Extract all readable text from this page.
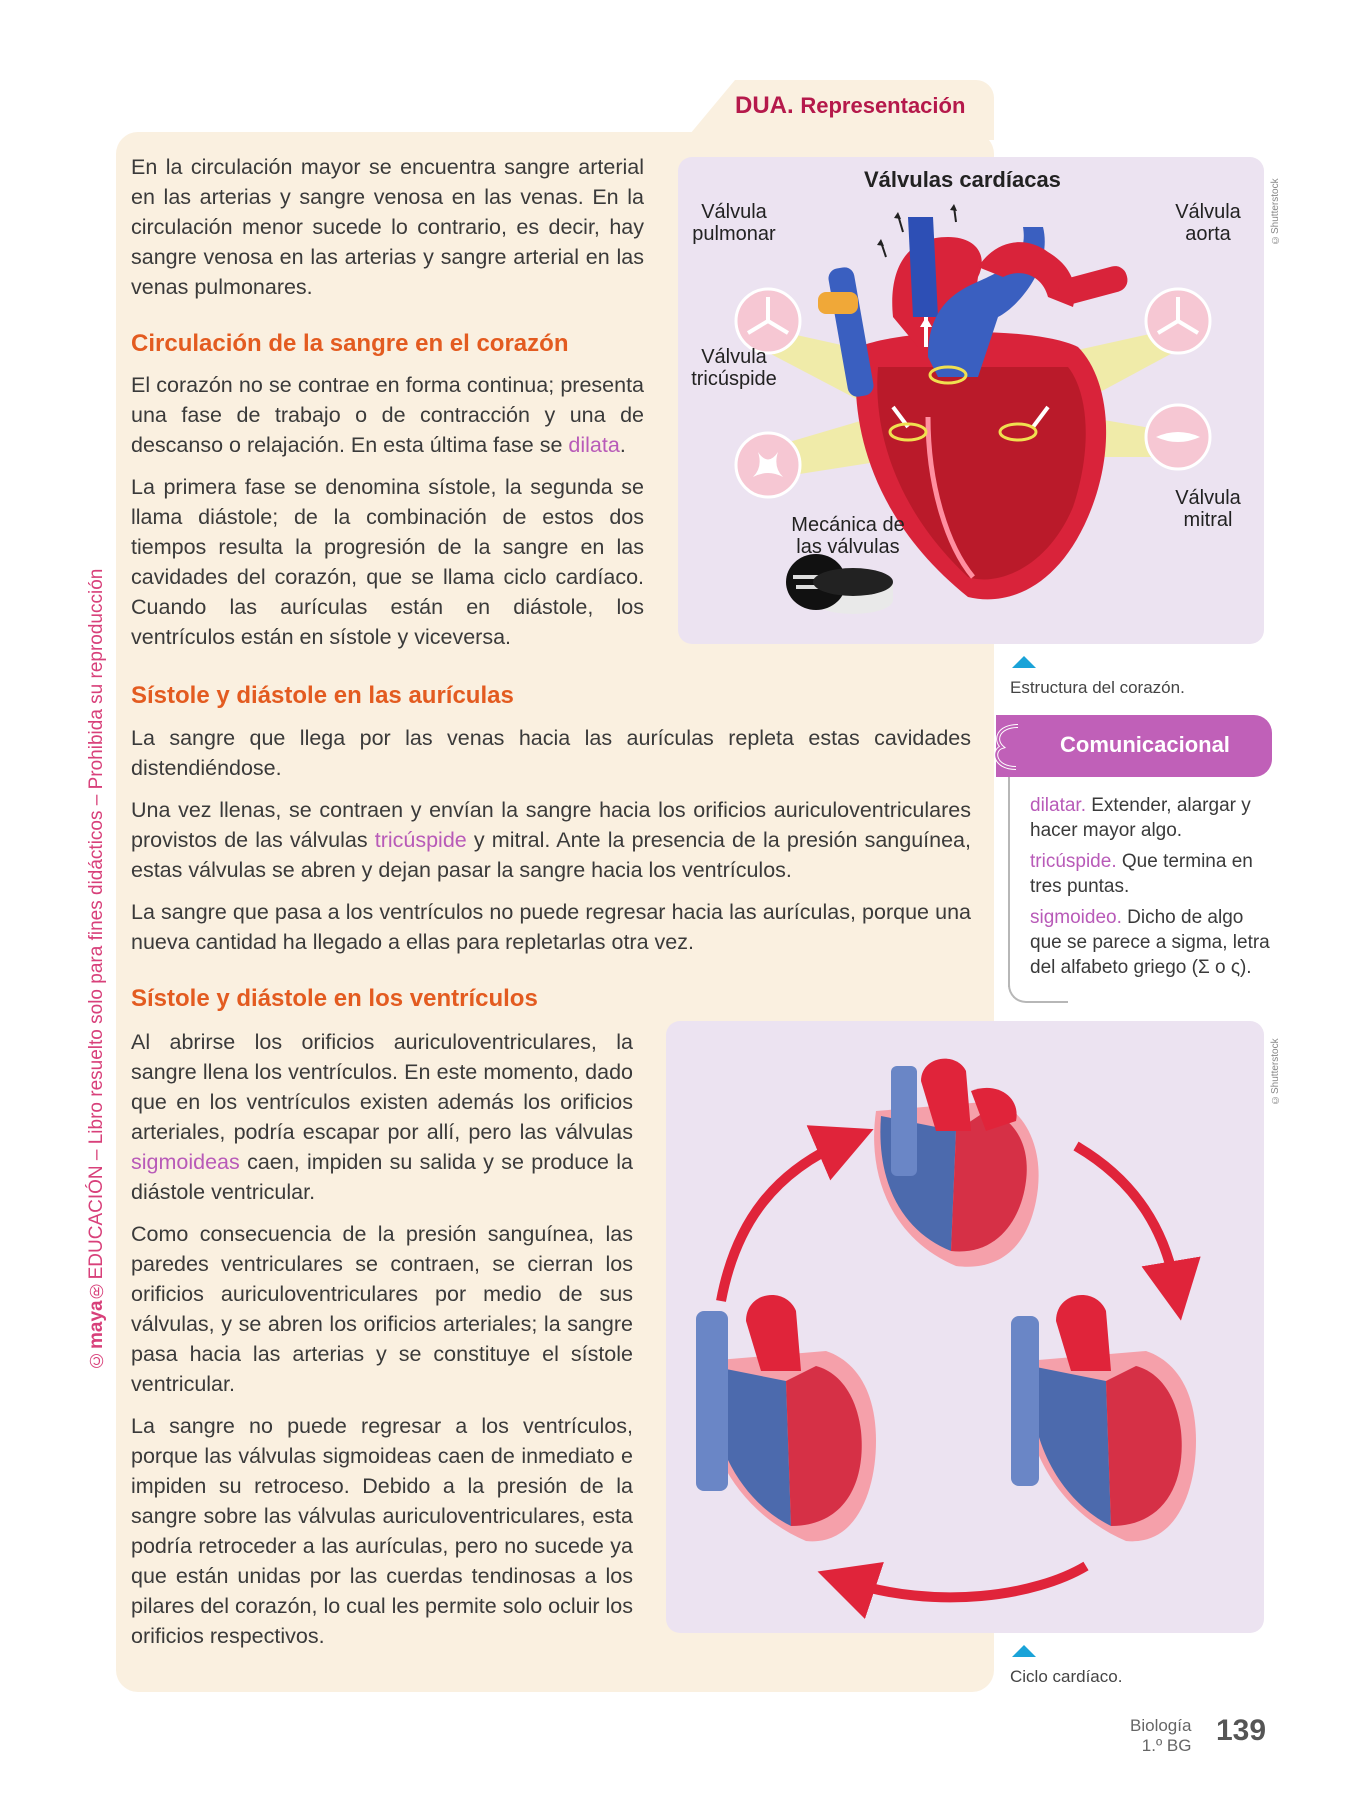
DUA. Representación
©maya®EDUCACIÓN – Libro resuelto solo para fines didácticos – Prohibida su reproducción

En la circulación mayor se encuentra sangre arterial en las arterias y sangre venosa en las venas. En la circulación menor sucede lo contrario, es decir, hay sangre venosa en las arterias y sangre arterial en las venas pulmonares.

Circulación de la sangre en el corazón

El corazón no se contrae en forma continua; presenta una fase de trabajo o de contracción y una de descanso o relajación. En esta última fase se dilata.

La primera fase se denomina sístole, la segunda se llama diástole; de la combinación de estos dos tiempos resulta la progresión de la sangre en las cavidades del corazón, que se llama ciclo cardíaco. Cuando las aurículas están en diástole, los ventrículos están en sístole y viceversa.

Sístole y diástole en las aurículas

La sangre que llega por las venas hacia las aurículas repleta estas cavidades distendiéndose.

Una vez llenas, se contraen y envían la sangre hacia los orificios auriculoventriculares provistos de las válvulas tricúspide y mitral. Ante la presencia de la presión sanguínea, estas válvulas se abren y dejan pasar la sangre hacia los ventrículos.

La sangre que pasa a los ventrículos no puede regresar hacia las aurículas, porque una nueva cantidad ha llegado a ellas para repletarlas otra vez.

Sístole y diástole en los ventrículos

Al abrirse los orificios auriculoventriculares, la sangre llena los ventrículos. En este momento, dado que en los ventrículos existen además los orificios arteriales, podría escapar por allí, pero las válvulas sigmoideas caen, impiden su salida y se produce la diástole ventricular.

Como consecuencia de la presión sanguínea, las paredes ventriculares se contraen, se cierran los orificios auriculoventriculares por medio de sus válvulas, y se abren los orificios arteriales; la sangre pasa hacia las arterias y se constituye el sístole ventricular.

La sangre no puede regresar a los ventrículos, porque las válvulas sigmoideas caen de inmediato e impiden su retroceso. Debido a la presión de la sangre sobre las válvulas auriculoventriculares, esta podría retroceder a las aurículas, pero no sucede ya que están unidas por las cuerdas tendinosas a los pilares del corazón, lo cual les permite solo ocluir los orificios respectivos.

Válvulas cardíacas
Válvula
pulmonar
Válvula
aorta
Válvula
tricúspide
Válvula
mitral
Mecánica de
las válvulas
©Shutterstock
Estructura del corazón.
Comunicacional

dilatar. Extender, alargar y hacer mayor algo.

tricúspide. Que termina en tres puntas.

sigmoideo. Dicho de algo que se parece a sigma, letra del alfabeto griego (Σ o ς).

©Shutterstock
Ciclo cardíaco.
Biología
1.º BG 139
